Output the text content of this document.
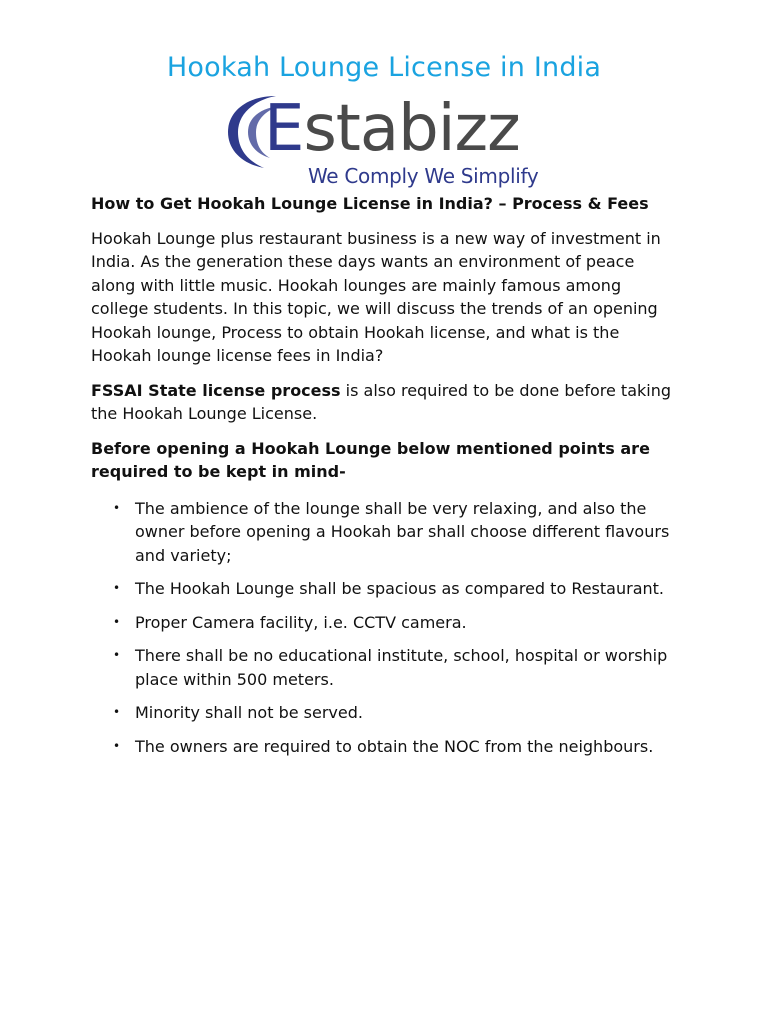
Hookah Lounge License in India
Estabizz
We Comply We Simplify

How to Get Hookah Lounge License in India? – Process & Fees

Hookah Lounge plus restaurant business is a new way of investment in India. As the generation these days wants an environment of peace along with little music. Hookah lounges are mainly famous among college students. In this topic, we will discuss the trends of an opening Hookah lounge, Process to obtain Hookah license, and what is the Hookah lounge license fees in India?

FSSAI State license process is also required to be done before taking the Hookah Lounge License.

Before opening a Hookah Lounge below mentioned points are required to be kept in mind-

• The ambience of the lounge shall be very relaxing, and also the owner before opening a Hookah bar shall choose different flavours and variety;
• The Hookah Lounge shall be spacious as compared to Restaurant.
• Proper Camera facility, i.e. CCTV camera.
• There shall be no educational institute, school, hospital or worship place within 500 meters.
• Minority shall not be served.
• The owners are required to obtain the NOC from the neighbours.
